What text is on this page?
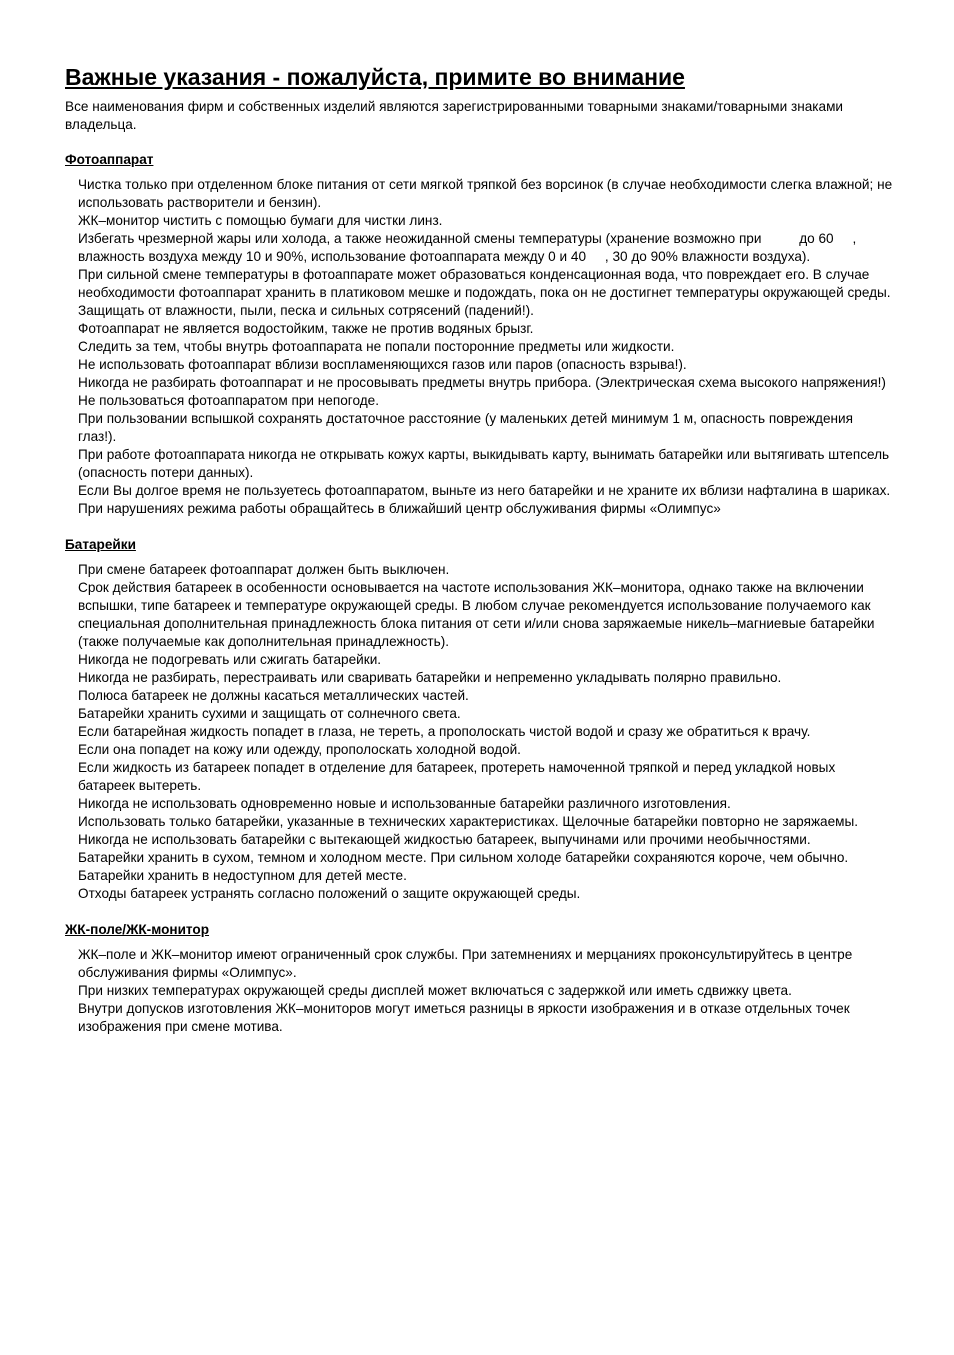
Важные указания - пожалуйста, примите во внимание

Все наименования фирм и собственных изделий являются зарегистрированными товарными знаками/товарными знаками владельца.

Фотоаппарат

Чистка только при отделенном блоке питания от сети мягкой тряпкой без ворсинок (в случае необходимости слегка влажной; не использовать растворители и бензин).

ЖК–монитор чистить с помощью бумаги для чистки линз.

Избегать чрезмерной жары или холода, а также неожиданной смены температуры (хранение возможно при          до 60     , влажность воздуха между 10 и 90%, использование фотоаппарата между 0 и 40     , 30 до 90% влажности воздуха).

При сильной смене температуры в фотоаппарате может образоваться конденсационная вода, что повреждает его. В случае необходимости фотоаппарат хранить в платиковом мешке и подождать, пока он не достигнет температуры окружающей среды.

Защищать от влажности, пыли, песка и сильных сотрясений (падений!).

Фотоаппарат не является водостойким, также не против водяных брызг.

Следить за тем, чтобы внутрь фотоаппарата не попали посторонние предметы или жидкости.

Не использовать фотоаппарат вблизи воспламеняющихся газов или паров (опасность взрыва!).

Никогда не разбирать фотоаппарат и не просовывать предметы внутрь прибора. (Электрическая схема высокого напряжения!)

Не пользоваться фотоаппаратом при непогоде.

При пользовании вспышкой сохранять достаточное расстояние (у маленьких детей минимум 1 м, опасность повреждения глаз!).

При работе фотоаппарата никогда не открывать кожух карты, выкидывать карту, вынимать батарейки или вытягивать штепсель (опасность потери данных).

Если Вы долгое время не пользуетесь фотоаппаратом, выньте из него батарейки и не храните их вблизи нафталина в шариках.

При нарушениях режима работы обращайтесь в ближайший центр обслуживания фирмы «Олимпус»

Батарейки

При смене батареек фотоаппарат должен быть выключен.

Срок действия батареек в особенности основывается на частоте использования ЖК–монитора, однако также на включении вспышки, типе батареек и температуре окружающей среды. В любом случае рекомендуется использование получаемого как специальная дополнительная принадлежность блока питания от сети и/или снова заряжаемые никель–магниевые батарейки (также получаемые как дополнительная принадлежность).

Никогда не подогревать или сжигать батарейки.

Никогда не разбирать, перестраивать или сваривать батарейки и непременно укладывать полярно правильно.

Полюса батареек не должны касаться металлических частей.

Батарейки хранить сухими и защищать от солнечного света.

Если батарейная жидкость попадет в глаза, не тереть, а прополоскать чистой водой и сразу же обратиться к врачу.

Если она попадет на кожу или одежду, прополоскать холодной водой.

Если жидкость из батареек попадет в отделение для батареек, протереть намоченной тряпкой и перед укладкой новых батареек вытереть.

Никогда не использовать одновременно новые и использованные батарейки различного изготовления.

Использовать только батарейки, указанные в технических характеристиках. Щелочные батарейки повторно не заряжаемы.

Никогда не использовать батарейки с вытекающей жидкостью батареек, выпучинами или прочими необычностями.

Батарейки хранить в сухом, темном и холодном месте. При сильном холоде батарейки сохраняются короче, чем обычно.

Батарейки хранить в недоступном для детей месте.

Отходы батареек устранять согласно положений о защите окружающей среды.

ЖК-поле/ЖК-монитор

ЖК–поле и ЖК–монитор имеют ограниченный срок службы. При затемнениях и мерцаниях проконсультируйтесь в центре обслуживания фирмы «Олимпус».

При низких температурах окружающей среды дисплей может включаться с задержкой или иметь сдвижку цвета.

Внутри допусков изготовления ЖК–мониторов могут иметься разницы в яркости изображения и в отказе отдельных точек изображения при смене мотива.
